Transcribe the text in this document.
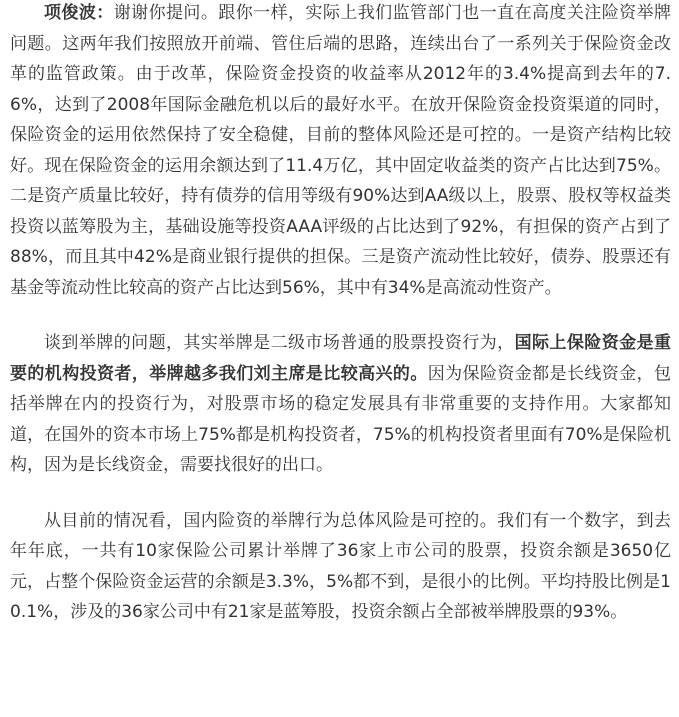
项俊波：谢谢你提问。跟你一样，实际上我们监管部门也一直在高度关注险资举牌问题。这两年我们按照放开前端、管住后端的思路，连续出台了一系列关于保险资金改革的监管政策。由于改革，保险资金投资的收益率从2012年的3.4%提高到去年的7.6%，达到了2008年国际金融危机以后的最好水平。在放开保险资金投资渠道的同时，保险资金的运用依然保持了安全稳健，目前的整体风险还是可控的。一是资产结构比较好。现在保险资金的运用余额达到了11.4万亿，其中固定收益类的资产占比达到75%。二是资产质量比较好，持有债券的信用等级有90%达到AA级以上，股票、股权等权益类投资以蓝筹股为主，基础设施等投资AAA评级的占比达到了92%，有担保的资产占到了88%，而且其中42%是商业银行提供的担保。三是资产流动性比较好，债券、股票还有基金等流动性比较高的资产占比达到56%，其中有34%是高流动性资产。

谈到举牌的问题，其实举牌是二级市场普通的股票投资行为，国际上保险资金是重要的机构投资者，举牌越多我们刘主席是比较高兴的。因为保险资金都是长线资金，包括举牌在内的投资行为，对股票市场的稳定发展具有非常重要的支持作用。大家都知道，在国外的资本市场上75%都是机构投资者，75%的机构投资者里面有70%是保险机构，因为是长线资金，需要找很好的出口。

从目前的情况看，国内险资的举牌行为总体风险是可控的。我们有一个数字，到去年年底，一共有10家保险公司累计举牌了36家上市公司的股票，投资余额是3650亿元，占整个保险资金运营的余额是3.3%，5%都不到，是很小的比例。平均持股比例是10.1%，涉及的36家公司中有21家是蓝筹股，投资余额占全部被举牌股票的93%。
